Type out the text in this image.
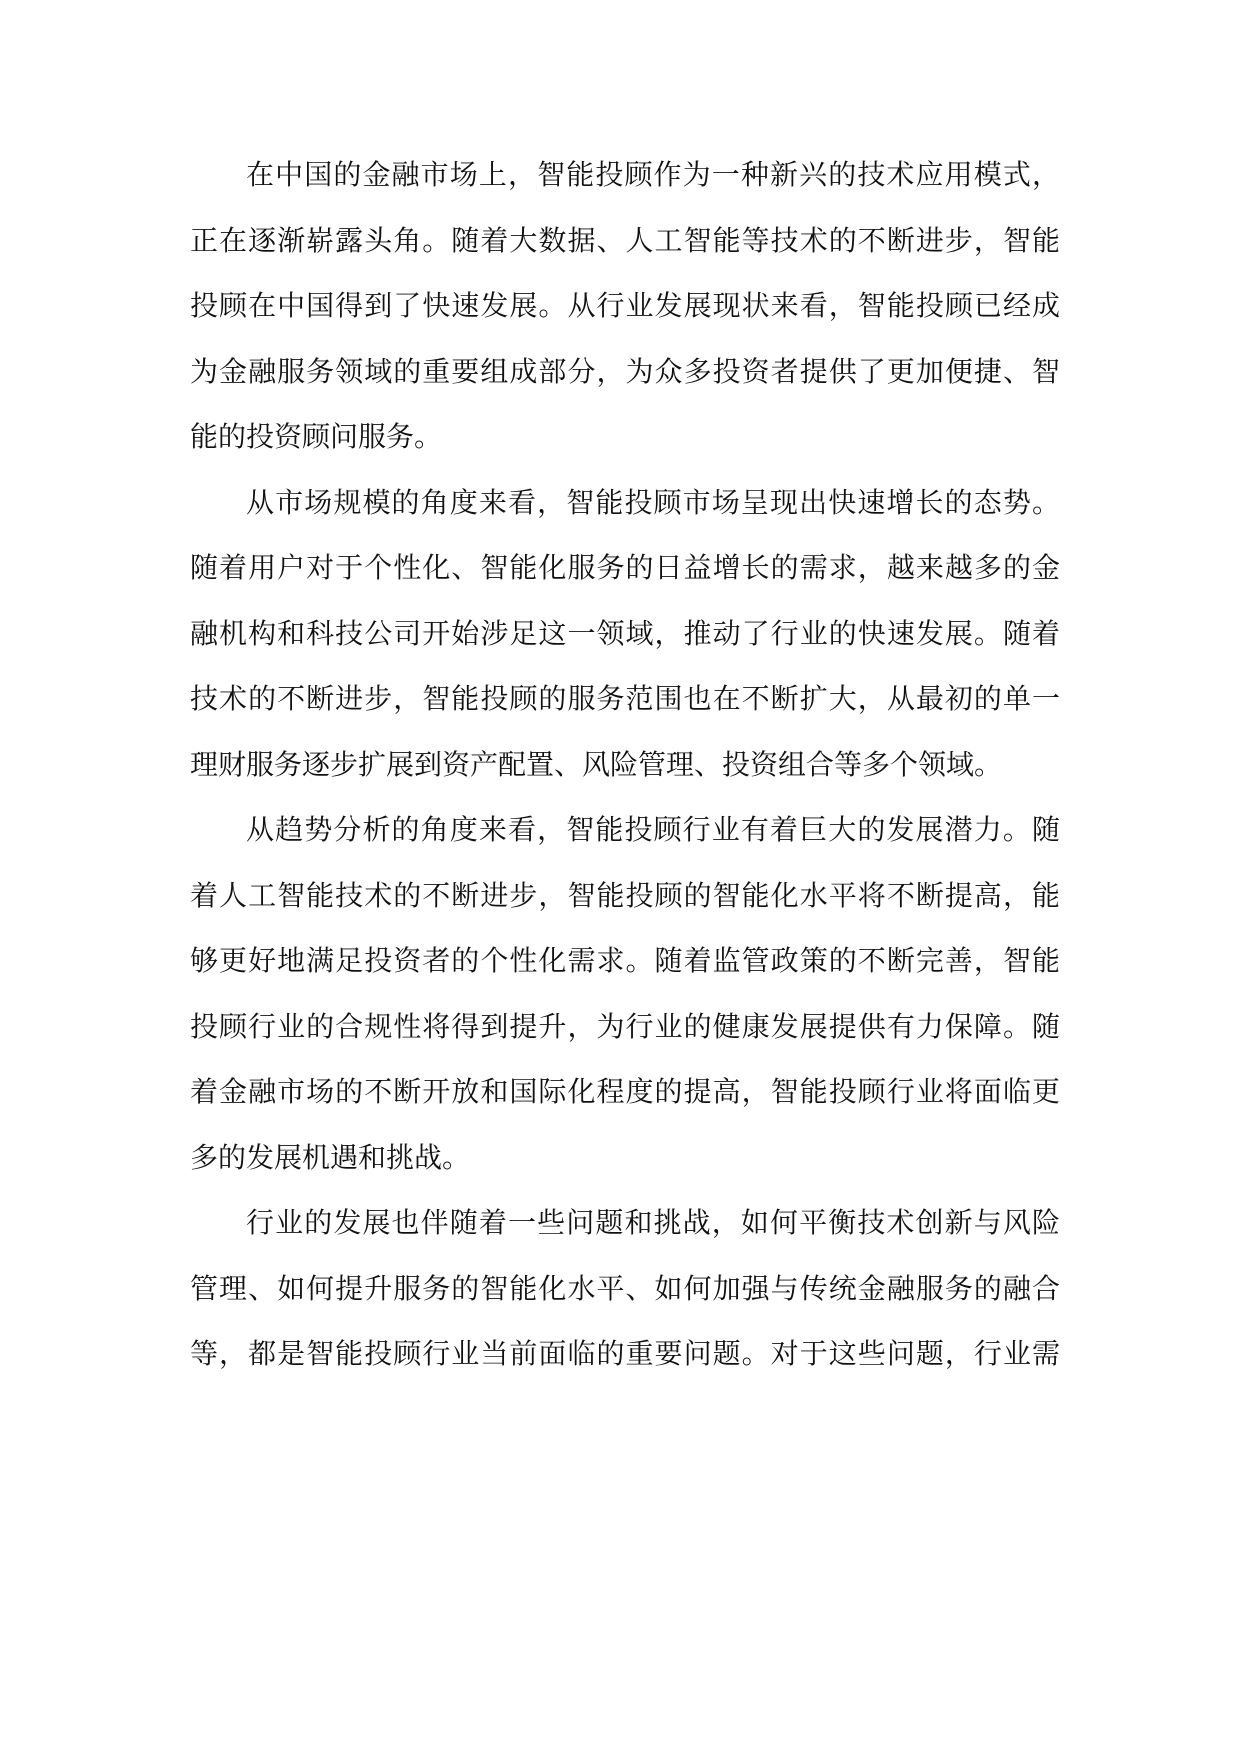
在中国的金融市场上，智能投顾作为一种新兴的技术应用模式，
正在逐渐崭露头角。随着大数据、人工智能等技术的不断进步，智能
投顾在中国得到了快速发展。从行业发展现状来看，智能投顾已经成
为金融服务领域的重要组成部分，为众多投资者提供了更加便捷、智
能的投资顾问服务。

从市场规模的角度来看，智能投顾市场呈现出快速增长的态势。
随着用户对于个性化、智能化服务的日益增长的需求，越来越多的金
融机构和科技公司开始涉足这一领域，推动了行业的快速发展。随着
技术的不断进步，智能投顾的服务范围也在不断扩大，从最初的单一
理财服务逐步扩展到资产配置、风险管理、投资组合等多个领域。

从趋势分析的角度来看，智能投顾行业有着巨大的发展潜力。随
着人工智能技术的不断进步，智能投顾的智能化水平将不断提高，能
够更好地满足投资者的个性化需求。随着监管政策的不断完善，智能
投顾行业的合规性将得到提升，为行业的健康发展提供有力保障。随
着金融市场的不断开放和国际化程度的提高，智能投顾行业将面临更
多的发展机遇和挑战。

行业的发展也伴随着一些问题和挑战，如何平衡技术创新与风险
管理、如何提升服务的智能化水平、如何加强与传统金融服务的融合
等，都是智能投顾行业当前面临的重要问题。对于这些问题，行业需
